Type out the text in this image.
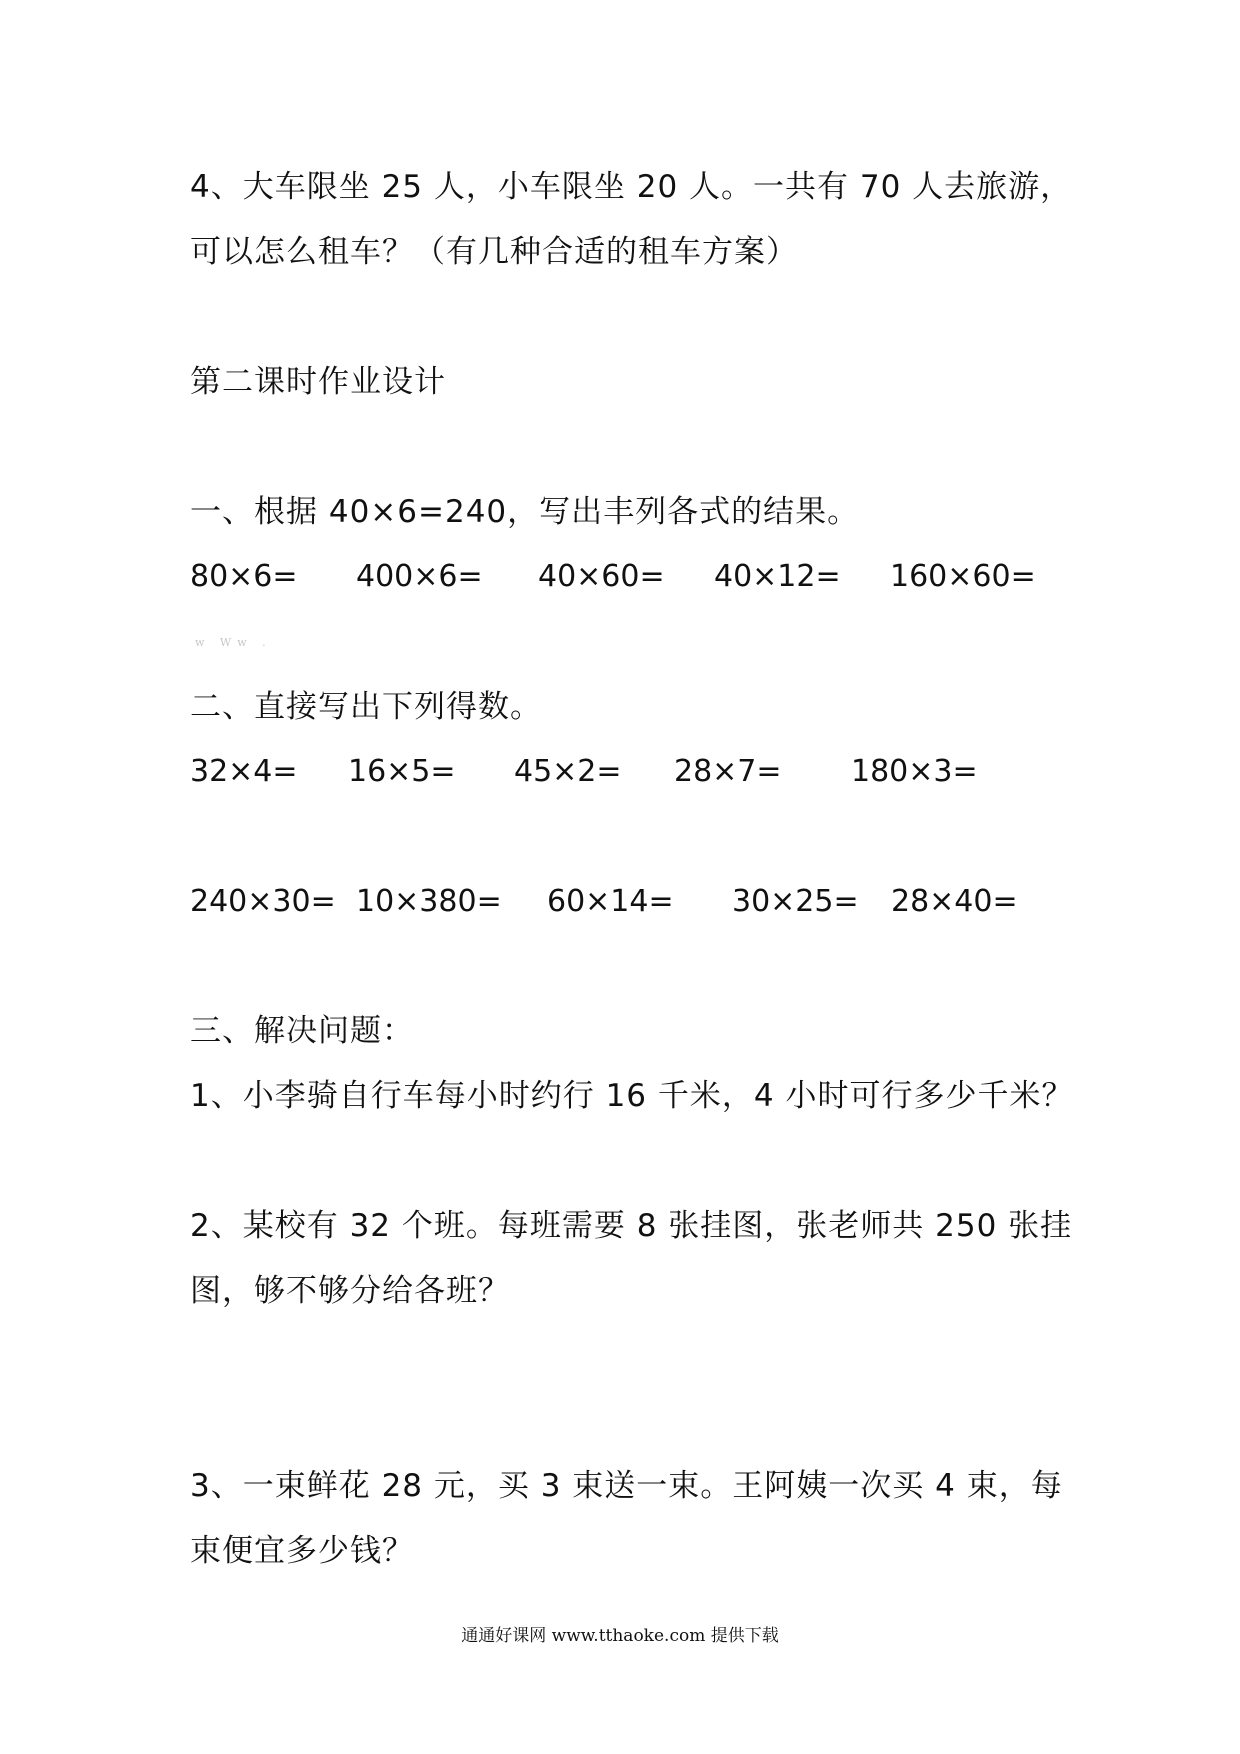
4、大车限坐 25 人，小车限坐 20 人。一共有 70 人去旅游，
可以怎么租车？（有几种合适的租车方案）
第二课时作业设计
一、根据 40×6=240，写出丰列各式的结果。
80×6= 400×6= 40×60= 40×12= 160×60=
w Ww .
二、直接写出下列得数。
32×4= 16×5= 45×2= 28×7= 180×3=
240×30= 10×380= 60×14= 30×25= 28×40=
三、解决问题：
1、小李骑自行车每小时约行 16 千米，4 小时可行多少千米？
2、某校有 32 个班。每班需要 8 张挂图，张老师共 250 张挂
图，够不够分给各班？
3、一束鲜花 28 元，买 3 束送一束。王阿姨一次买 4 束，每
束便宜多少钱？
通通好课网 www.tthaoke.com 提供下载
